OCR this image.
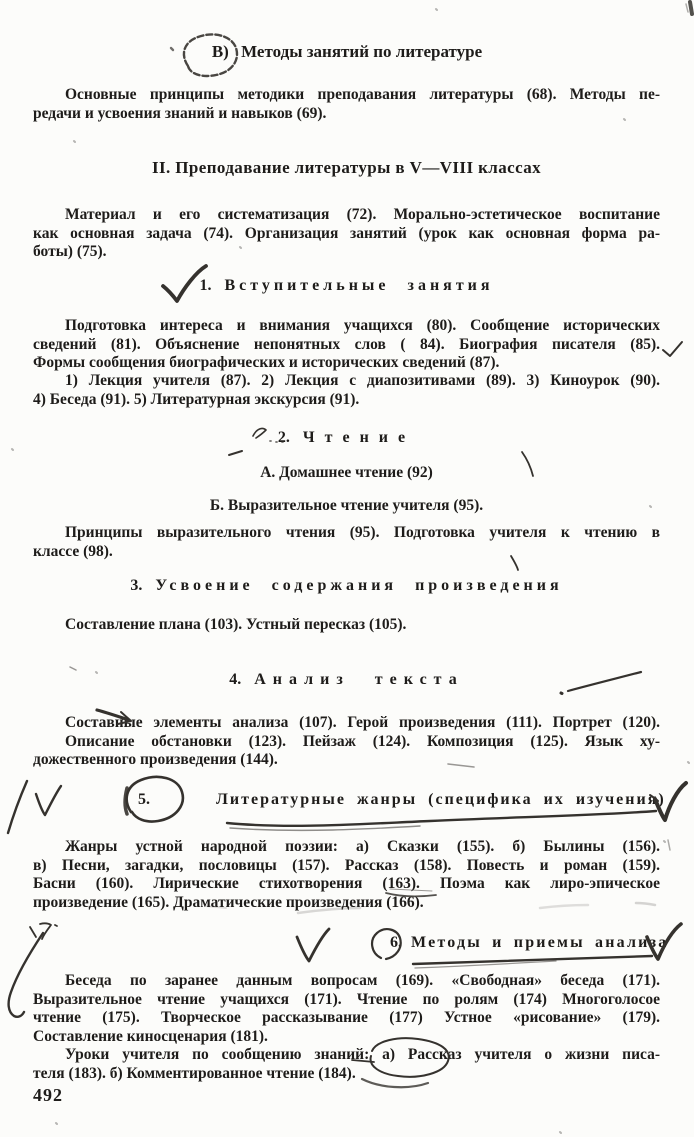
В) Методы занятий по литературе
Основные принципы методики преподавания литературы (68). Методы пе-
редачи и усвоения знаний и навыков (69).
II. Преподавание литературы в V—VIII классах
Материал и его систематизация (72). Морально-эстетическое воспитание
как основная задача (74). Организация занятий (урок как основная форма ра-
боты) (75).
1. Вступительные занятия
Подготовка интереса и внимания учащихся (80). Сообщение исторических
сведений (81). Объяснение непонятных слов ( 84). Биография писателя (85).
Формы сообщения биографических и исторических сведений (87).
1) Лекция учителя (87). 2) Лекция с диапозитивами (89). 3) Киноурок (90).
4) Беседа (91). 5) Литературная экскурсия (91).
2. Чтение
А. Домашнее чтение (92)
Б. Выразительное чтение учителя (95).
Принципы выразительного чтения (95). Подготовка учителя к чтению в
классе (98).
3. Усвоение содержания произведения
Составление плана (103). Устный пересказ (105).
4. Анализ текста
Составные элементы анализа (107). Герой произведения (111). Портрет (120).
Описание обстановки (123). Пейзаж (124). Композиция (125). Язык ху-
дожественного произведения (144).
5.	Литературные жанры (специфика их изучения)
Жанры устной народной поэзии: а) Сказки (155). б) Былины (156).
в) Песни, загадки, пословицы (157). Рассказ (158). Повесть и роман (159).
Басни (160). Лирические стихотворения (163). Поэма как лиро-эпическое
произведение (165). Драматические произведения (166).
6. Методы и приемы анализа
Беседа по заранее данным вопросам (169). «Свободная» беседа (171).
Выразительное чтение учащихся (171). Чтение по ролям (174) Многоголосое
чтение (175). Творческое рассказывание (177) Устное «рисование» (179).
Составление киносценария (181).
Уроки учителя по сообщению знаний: а) Рассказ учителя о жизни писа-
теля (183). б) Комментированное чтение (184).
492
